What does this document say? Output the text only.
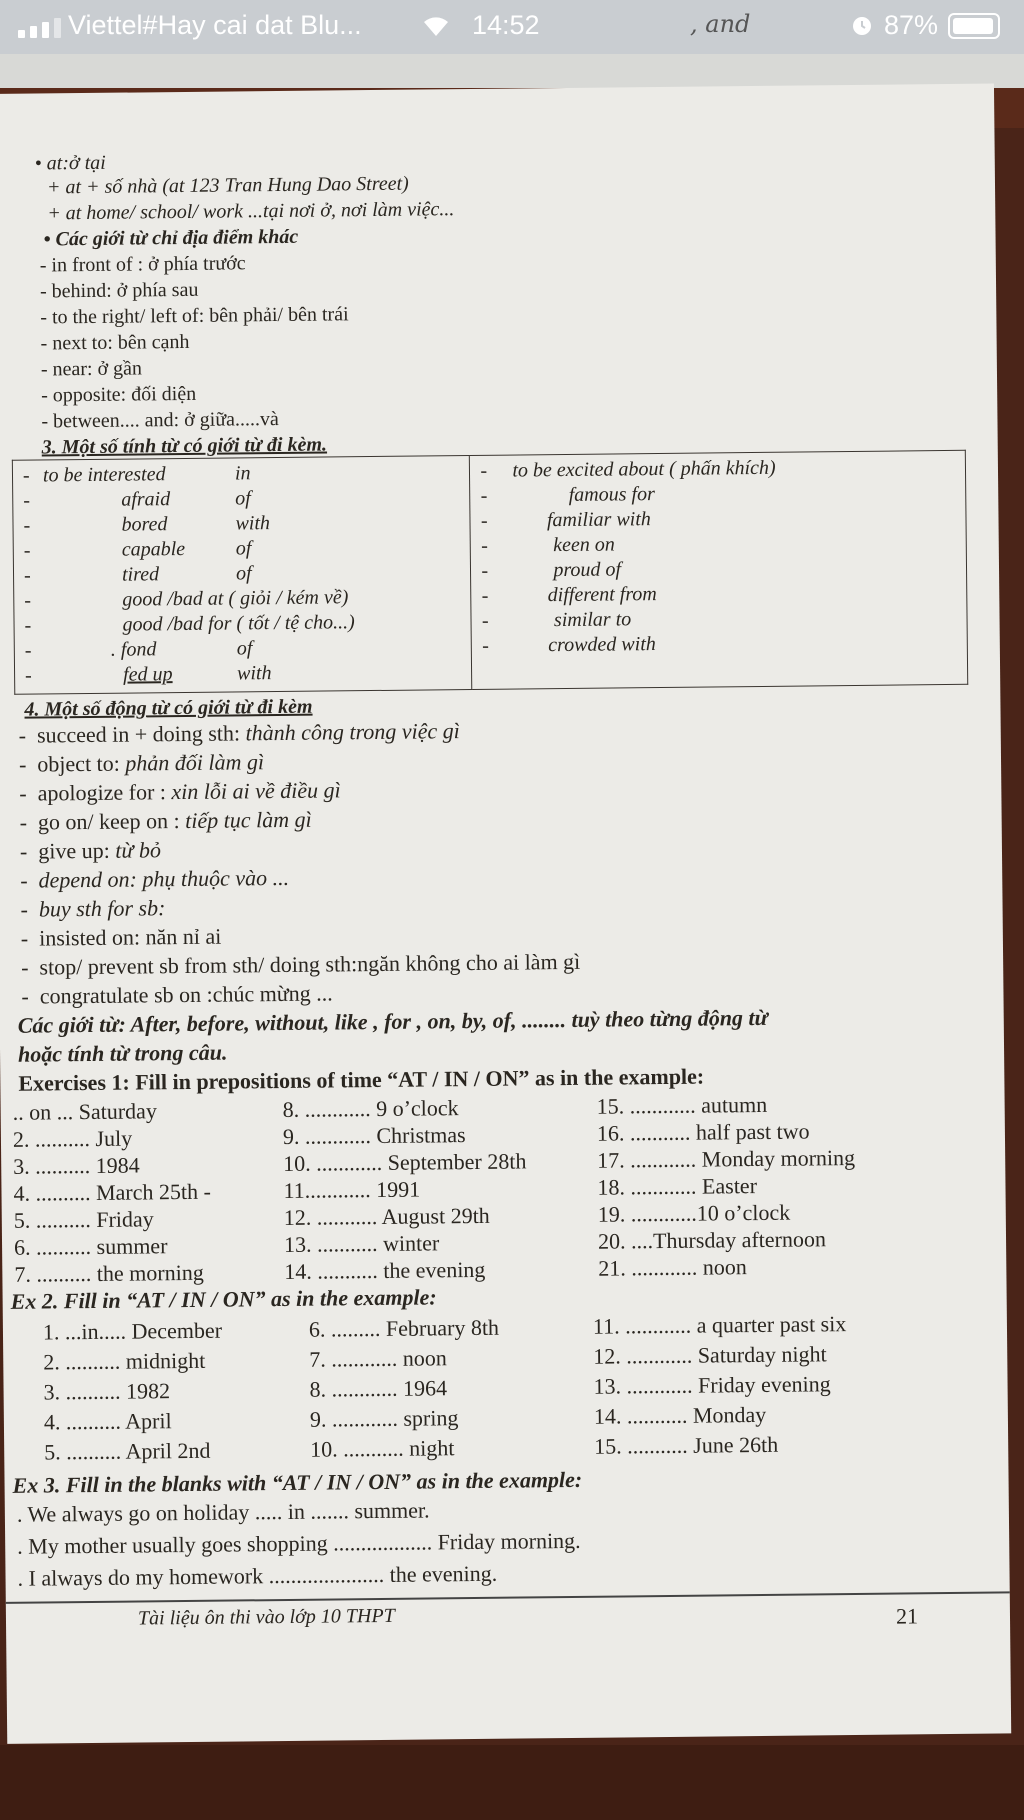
Viettel#Hay cai dat Blu...	14:52	, and	87%
• at:ở tại
+ at + số nhà (at 123 Tran Hung Dao Street)
+ at home/ school/ work ...tại nơi ở, nơi làm việc...
• Các giới từ chỉ địa điểm khác
- in front of : ở phía trước
- behind: ở phía sau
- to the right/ left of: bên phải/ bên trái
- next to: bên cạnh
- near: ở gần
- opposite: đối diện
- between.... and: ở giữa.....và
3. Một số tính từ có giới từ đi kèm.
- to be interested	in
-	afraid	of
-	bored	with
-	capable	of
-	tired	of
-	good /bad at ( giỏi / kém về)
-	good /bad for ( tốt / tệ cho...)
-	. fond	of
-	fed up	with

- to be excited about ( phấn khích)
-	famous for
-	familiar with
-	keen on
-	proud of
-	different from
-	similar to
-	crowded with
4. Một số động từ có giới từ đi kèm
-  succeed in + doing sth: thành công trong việc gì
-  object to: phản đối làm gì
-  apologize for : xin lỗi ai về điều gì
-  go on/ keep on : tiếp tục làm gì
-  give up: từ bỏ
-  depend on: phụ thuộc vào ...
-  buy sth for sb:
-  insisted on: năn nỉ ai
-  stop/ prevent sb from sth/ doing sth:ngăn không cho ai làm gì
-  congratulate sb on :chúc mừng ...
Các giới từ: After, before, without, like , for , on, by, of, ........ tuỳ theo từng động từ
hoặc tính từ trong câu.
Exercises 1: Fill in prepositions of time “AT / IN / ON” as in the example:
.. on ... Saturday	8. ............ 9 o’clock	15. ............ autumn
2. .......... July	9. ............ Christmas	16. ........... half past two
3. .......... 1984	10. ............ September 28th	17. ............ Monday morning
4. .......... March 25th -	11............ 1991	18. ............ Easter
5. .......... Friday	12. ........... August 29th	19. ............10 o’clock
6. .......... summer	13. ........... winter	20. ....Thursday afternoon
7. .......... the morning	14. ........... the evening	21. ............ noon
Ex 2. Fill in “AT / IN / ON” as in the example:
1. ...in..... December	6. ......... February 8th	11. ............ a quarter past six
2. .......... midnight	7. ............ noon	12. ............ Saturday night
3. .......... 1982	8. ............ 1964	13. ............ Friday evening
4. .......... April	9. ............ spring	14. ........... Monday
5. .......... April 2nd	10. ........... night	15. ........... June 26th
Ex 3. Fill in the blanks with “AT / IN / ON” as in the example:
. We always go on holiday ..... in ....... summer.
. My mother usually goes shopping .................. Friday morning.
. I always do my homework ..................... the evening.
Tài liệu ôn thi vào lớp 10 THPT	21
